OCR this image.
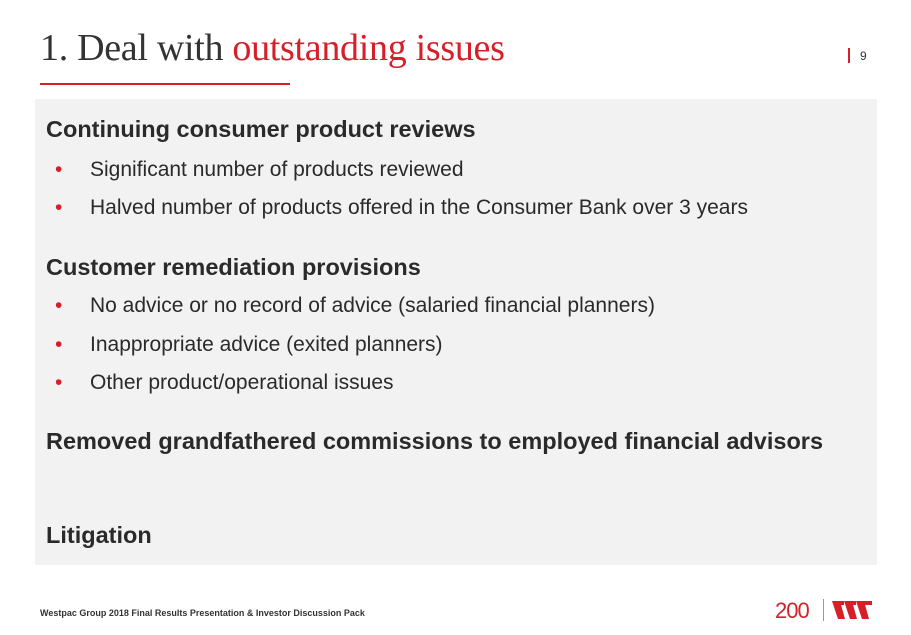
1. Deal with outstanding issues	9
Continuing consumer product reviews
• Significant number of products reviewed
• Halved number of products offered in the Consumer Bank over 3 years
Customer remediation provisions
• No advice or no record of advice (salaried financial planners)
• Inappropriate advice (exited planners)
• Other product/operational issues
Removed grandfathered commissions to employed financial advisors
Litigation
Westpac Group 2018 Final Results Presentation & Investor Discussion Pack	200
